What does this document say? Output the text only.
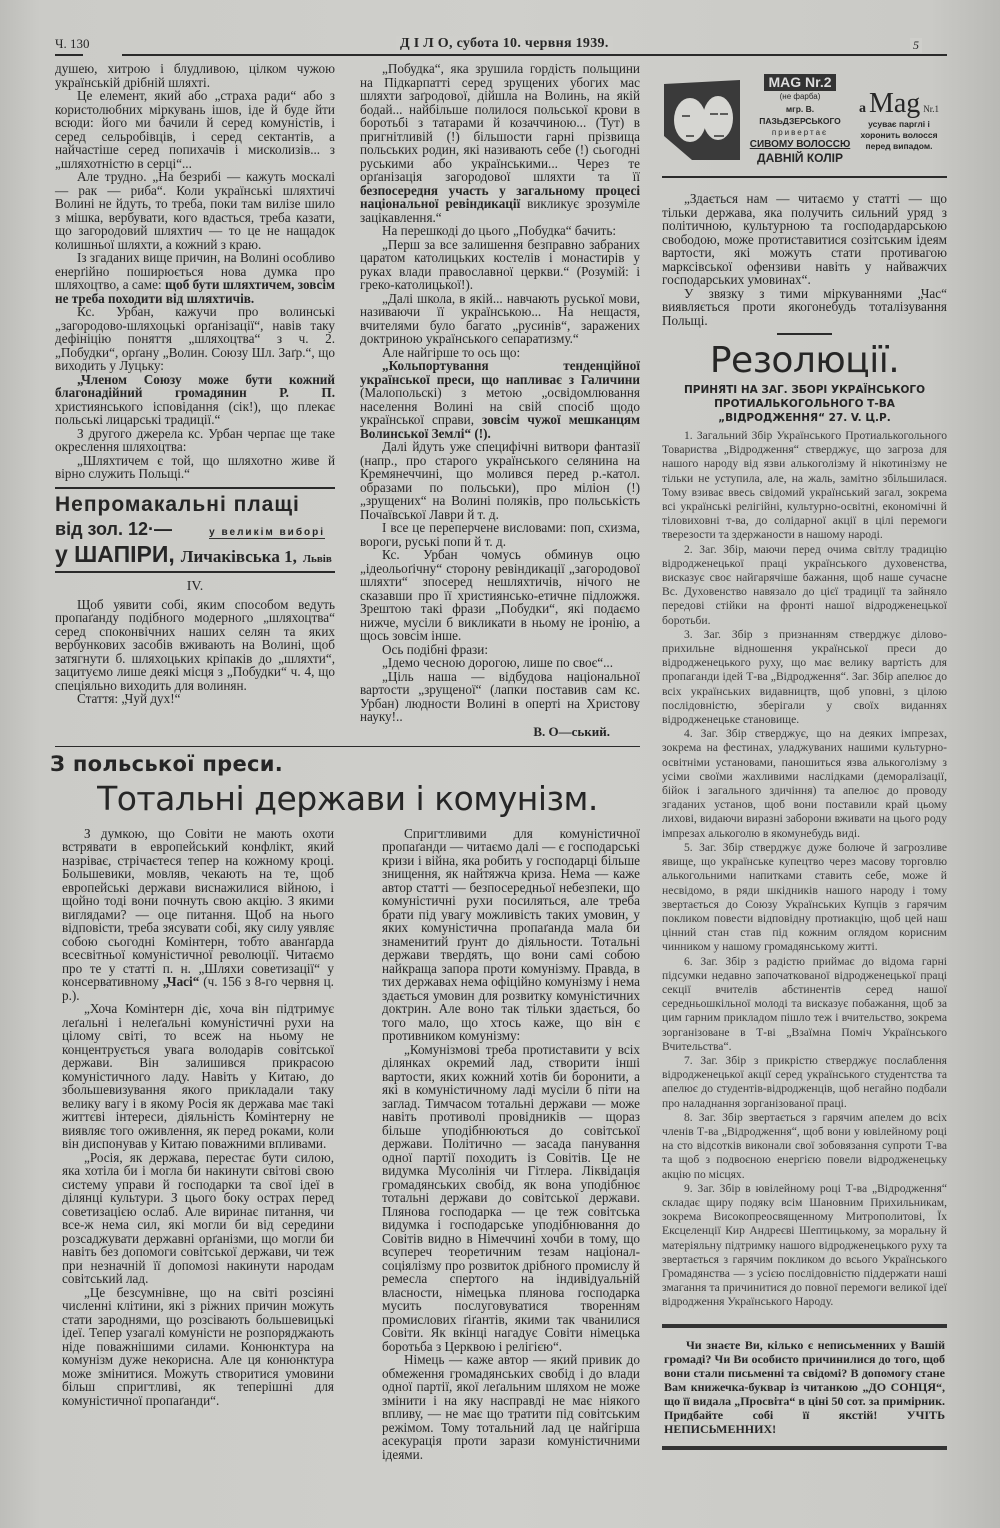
Ч. 130	Д І Л О, субота 10. червня 1939.	5

душею, хитрою і блудливою, цілком чужою українській дрібній шляхті.

Це елемент, який або „страха ради“ або з користолюбних міркувань ішов, іде й буде йти всюди: його ми бачили й серед комуністів, і серед сельробівців, і серед сектантів, а найчастіше серед попихачів і мисколизів... з „шляхотністю в серці“...

Але трудно. „На безрибі — кажуть москалі — рак — риба“. Коли українські шляхтичі Волині не йдуть, то треба, поки там вилізе шило з мішка, вербувати, кого вдасться, треба казати, що загородовий шляхтич — то це не нащадок колишньої шляхти, а кожний з краю.

Із згаданих вище причин, на Волині особливо енерґійно поширюється нова думка про шляхоцтво, а саме: щоб бути шляхтичем, зовсім не треба походити від шляхтичів.

Кс. Урбан, кажучи про волинські „загородово-шляхоцькі орґанізації“, навів таку дефініцію поняття „шляхоцтва“ з ч. 2. „Побудки“, орґану „Волин. Союзу Шл. Заґр.“, що виходить у Луцьку:

„Членом Союзу може бути кожний благонадійний громадянин Р. П. християнського ісповідання (сік!), що плекає польські лицарські традиції.“

З другого джерела кс. Урбан черпає ще таке окреслення шляхоцтва:

„Шляхтичем є той, що шляхотно живе й вірно служить Польщі.“

Непромакальні плащі
від зол. 12·—	у великім виборі
у ШАПІРИ, Личаківська 1, Львів
IV.

Щоб уявити собі, яким способом ведуть пропаґанду подібного модерного „шляхоцтва“ серед споконвічних наших селян та яких вербункових засобів вживають на Волині, щоб затягнути б. шляхоцьких кріпаків до „шляхти“, зацитуємо лише деякі місця з „Побудки“ ч. 4, що спеціяльно виходить для волинян.

Стаття: „Чуй дух!“

„Побудка“, яка зрушила гордість польщини на Підкарпатті серед зрущених убогих мас шляхти заґродової, дійшла на Волинь, на якій бодай... найбільше полилося польської крови в боротьбі з татарами й козаччиною... (Тут) в пригнітливій (!) більшости гарні прізвища польських родин, які називають себе (!) сьогодні руськими або українськими... Через те орґанізація загородової шляхти та її безпосередня участь у загальному процесі національної ревіндикації викликує зрозуміле зацікавлення.“

На перешкоді до цього „Побудка“ бачить:

„Перш за все залишення безправно забраних царатом католицьких костелів і монастирів у руках влади православної церкви.“ (Розумій: і греко-католицької!).

„Далі школа, в якій... навчають руської мови, називаючи її українською... На нещастя, вчителями було багато „русинів“, заражених доктриною українського сепаратизму.“

Але найгірше то ось що:

„Кольпортування тенденційної української преси, що напливає з Галичини (Малопольскі) з метою „освідомлювання населення Волині на свій спосіб щодо української справи, зовсім чужої мешканцям Волинської Землі“ (!).

Далі йдуть уже специфічні витвори фантазії (напр., про старого українського селянина на Кремянеччині, що молився перед р.-катол. образами по польськи), про міліон (!) „зрущених“ на Волині поляків, про польськість Почаївської Лаври й т. д.

І все це переперчене висловами: поп, схизма, вороги, руські попи й т. д.

Кс. Урбан чомусь обминув оцю „ідеольоґічну“ сторону ревіндикації „загородової шляхти“ зпосеред нешляхтичів, нічого не сказавши про її християнсько-етичне підложжя. Зрештою такі фрази „Побудки“, які подаємо нижче, мусіли б викликати в ньому не іронію, а щось зовсім інше.

Ось подібні фрази:

„Ідемо чесною дорогою, лише по своє“...

„Ціль наша — відбудова національної вартости „зрущеної“ (лапки поставив сам кс. Урбан) людности Волині в оперті на Христову науку!..

В. О—ський.
З польської преси.
Тотальні держави і комунізм.

З думкою, що Совіти не мають охоти встрявати в европейський конфлікт, який назріває, стрічаєтеся тепер на кожному кроці. Большевики, мовляв, чекають на те, щоб европейські держави виснажилися війною, і щойно тоді вони почнуть свою акцію. З якими виглядами? — оце питання. Щоб на нього відповісти, треба зясувати собі, яку силу уявляє собою сьогодні Комінтерн, тобто аванґарда всесвітньої комуністичної революції. Читаємо про те у статті п. н. „Шляхи советизації“ у консервативному „Часі“ (ч. 156 з 8-го червня ц. р.).

„Хоча Комінтерн діє, хоча він підтримує леґальні і нелеґальні комуністичні рухи на цілому світі, то всеж на ньому не концентрується увага володарів совітської держави. Він залишився прикрасою комуністичного ладу. Навіть у Китаю, до збольшевизування якого прикладали таку велику вагу і в якому Росія як держава має такі життєві інтереси, діяльність Комінтерну не виявляє того оживлення, як перед роками, коли він диспонував у Китаю поважними впливами.

„Росія, як держава, перестає бути силою, яка хотіла би і могла би накинути світові свою систему управи й господарки та свої ідеї в ділянці культури. З цього боку острах перед советизацією ослаб. Але виринає питання, чи все-ж нема сил, які могли би від середини розсаджувати державні орґанізми, що могли би навіть без допомоги совітської держави, чи теж при незначній її допомозі накинути народам совітський лад.

„Це безсумнівне, що на світі розсіяні численні клітини, які з ріжних причин можуть стати зароднями, що розсівають большевицькі ідеї. Тепер узагалі комуністи не розпоряджають ніде поважнішими силами. Конюнктура на комунізм дуже некорисна. Але ця конюнктура може змінитися. Можуть створитися умовини більш спригтливі, як теперішні для комуністичної пропаґанди“.

Спригтливими для комуністичної пропаґанди — читаємо далі — є господарські кризи і війна, яка робить у господарці більше знищення, як найтяжча криза. Нема — каже автор статті — безпосередньої небезпеки, що комуністичні рухи посиляться, але треба брати під увагу можливість таких умовин, у яких комуністична пропаґанда мала би знаменитий ґрунт до діяльности. Тотальні держави твердять, що вони самі собою найкраща запора проти комунізму. Правда, в тих державах нема офіційно комунізму і нема здається умовин для розвитку комуністичних доктрин. Але воно так тільки здається, бо того мало, що хтось каже, що він є противником комунізму:

„Комунізмові треба протиставити у всіх ділянках окремий лад, створити інші вартости, яких кожний хотів би боронити, а які в комуністичному ладі мусіли б піти на заглад. Тимчасом тотальні держави — може навіть противолі провідників — щораз більше уподібнюються до совітської держави. Політично — засада панування одної партії походить із Совітів. Це не видумка Мусолінія чи Гітлера. Ліквідація громадянських свобід, як вона уподібнює тотальні держави до совітської держави. Плянова господарка — це теж совітська видумка і господарське уподібнювання до Совітів видно в Німеччині хочби в тому, що всупереч теоретичним тезам націонал-соціялізму про розвиток дрібного промислу й ремесла спертого на індивідуальній власности, німецька плянова господарка мусить послуговуватися творенням промислових ґіґантів, якими так чванилися Совіти. Як вкінці нагадує Совіти німецька боротьба з Церквою і релігією“.

Німець — каже автор — який привик до обмеження громадянських свобід і до влади одної партії, якої леґальним шляхом не може змінити і на яку насправді не має ніякого впливу, — не має що тратити під совітським режімом. Тому тотальний лад це найгірша асекурація проти зарази комуністичними ідеями.

MAG Nr.2
(не фарба)
мгр. В. ПАЗЬДЗЕРСЬКОГО
привертає
СИВОМУ ВОЛОССЮ
ДАВНІЙ КОЛІР
а Mag Nr.1
усуває парглі і хоронить волосся перед випадом.

„Здається нам — читаємо у статті — що тільки держава, яка получить сильний уряд з політичною, культурною та господардарською свободою, може протиставитися созітським ідеям вартости, які можуть стати противагою марксівської офензиви навіть у найважчих господарських умовинах“.

У звязку з тими міркуваннями „Час“ виявляється проти якогонебудь тоталізування Польщі.

Резолюції.
ПРИНЯТІ НА ЗАГ. ЗБОРІ УКРАЇНСЬКОГО ПРОТИАЛЬКОГОЛЬНОГО Т-ВА „ВІДРОДЖЕННЯ“ 27. V. Ц.Р.

1. Загальний Збір Українського Протиалькогольного Товариства „Відродження“ стверджує, що загроза для нашого народу від язви алькоголізму й нікотинізму не тільки не уступила, але, на жаль, замітно збільшилася. Тому взиває ввесь свідомий український загал, зокрема всі українські релігійні, культурно-освітні, економічні й тіловиховні т-ва, до солідарної акції в цілі перемоги тверезости та здержаности в нашому народі.

2. Заг. Збір, маючи перед очима світлу традицію відродженецької праці українського духовенства, висказує своє найгарячіше бажання, щоб наше сучасне Вс. Духовенство навязало до цієї традиції та зайняло передові стійки на фронті нашої відродженецької боротьби.

3. Заг. Збір з признанням стверджує ділово-прихильне відношення української преси до відродженецького руху, що має велику вартість для пропаганди ідей Т-ва „Відродження“. Заг. Збір апелює до всіх українських видавництв, щоб уповні, з цілою послідовністю, зберігали у своїх виданнях відродженецьке становище.

4. Заг. Збір стверджує, що на деяких імпрезах, зокрема на фестинах, уладжуваних нашими культурно-освітніми установами, паношиться язва алькоголізму з усіми своїми жахливими наслідками (деморалізації, бійок і загального здичіння) та апелює до проводу згаданих установ, щоб вони поставили край цьому лихові, видаючи виразні заборони вживати на цього роду імпрезах алькоголю в якомунебудь виді.

5. Заг. Збір стверджує дуже болюче й загрозливе явище, що українське купецтво через масову торговлю алькогольними напитками ставить себе, може й несвідомо, в ряди шкідників нашого народу і тому звертається до Союзу Українських Купців з гарячим покликом повести відповідну протиакцію, щоб цей наш цінний стан став під кожним оглядом корисним чинником у нашому громадянському житті.

6. Заг. Збір з радістю приймає до відома гарні підсумки недавно започаткованої відродженецької праці секції вчителів абстинентів серед нашої середньошкільної молоді та висказує побажання, щоб за цим гарним прикладом пішло теж і вчительство, зокрема зорганізоване в Т-ві „Взаїмна Поміч Українського Вчительства“.

7. Заг. Збір з прикрістю стверджує послаблення відродженецької акції серед українського студентства та апелює до студентів-відродженців, щоб негайно подбали про наладнання зорганізованої праці.

8. Заг. Збір звертається з гарячим апелем до всіх членів Т-ва „Відродження“, щоб вони у ювілейному році на сто відсотків виконали свої зобовязання супроти Т-ва та щоб з подвоєною енергією повели відродженецьку акцію по місцях.

9. Заг. Збір в ювілейному році Т-ва „Відродження“ складає щиру подяку всім Шановним Прихильникам, зокрема Високопреосвященному Митрополитові, Їх Ексцеленції Кир Андреєві Шептицькому, за моральну й матеріяльну підтримку нашого відродженецького руху та звертається з гарячим покликом до всього Українського Громадянства — з усією послідовністю піддержати наші змагання та причинитися до повної перемоги великої ідеї відродження Українського Народу.

Чи знаєте Ви, кілько є неписьменних у Вашій громаді? Чи Ви особисто причинилися до того, щоб вони стали письменні та свідомі? В допомогу стане Вам книжечка-буквар із читанкою „ДО СОНЦЯ“, що її видала „Просвіта“ в ціні 50 сот. за примірник. Придбайте собі її якстій! УЧІТЬ НЕПИСЬМЕННИХ!
